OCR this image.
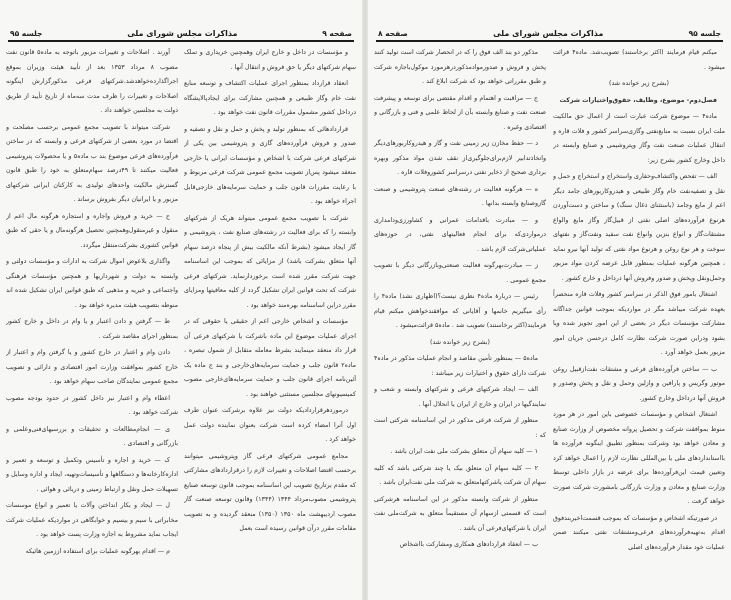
صفحه ۹
مذاکرات مجلس شورای ملی
جلسه ۹۵

و مؤسسات در داخل و خارج ایران وهمچنین خریداری و تملک سهام شرکتهای دیگر یا حق فروش و انتقال آنها .

انعقاد قرارداد بمنظور اجرای عملیات اکتشاف و توسعه منابع نفت خام وگاز طبیعی و همچنین مشارکت برای ایجادپالایشگاه درداخل کشور مشمول مقررات قانون نفت خواهد بود .

قراردادهائی که بمنظور تولید و پخش و حمل و نقل و تصفیه و صدور و فروش فرآورده‌های گازی و پتروشیمی بین یکی از شرکتهای فرعی شرکت با اشخاص و مؤسسات ایرانی یا خارجی منعقد میشود پس‌از تصویب مجمع عمومی شرکت فرعی مربوط و با رعایت مقررات قانون جلب و حمایت سرمایه‌های خارجی‌قابل اجراء خواهد بود .

شرکت با تصویب مجمع عمومی میتواند هریک از شرکتهای وابسته را که برای فعالیت در رشته‌های صنایع نفت ، پتروشیمی و گاز ایجاد میشود (بشرط آنکه مالکیت بیش از پنجاه درصد سهام آنها متعلق بشرکت باشد) از مزایائی که بموجب این اساسنامه جهت شرکت مقرر شده است برخوردارنماید. شرکتهای فرعی شرکت که تحت قوانین ایران تشکیل گردد از کلیه معافیتها ومزایای مقرر دراین اساسنامه بهره‌مند خواهد بود .

مؤسسات و اشخاص خارجی اعم از حقیقی یا حقوقی که در اجرای عملیات موضوع این ماده باشرکت یا شرکتهای فرعی آن قرار داد منعقد مینمایند بشرط معامله متقابل از شمول تبصره ، ماده۲ قانون جلب و حمایت سرمایه‌های‌خارجی و بند ج ماده یک آئین‌نامه اجرای قانون جلب و حمایت سرمایه‌های‌خارجی مصوب کمیسیونهای مجلسین مستثنی خواهند بود .

درموردهرقراردادیکه دولت نیز علاوه برشرکت عنوان طرف اول آنرا امضاء کرده است شرکت بعنوان نماینده دولت عمل خواهد کرد .

مجامع عمومی شرکتهای فرعی گاز وپتروشیمی میتوانند برحسب اقتضا اصلاحات و تغییرات لازم را درقراردادهای مشارکتی که مقدم برتاریخ تصویب این اساسنامه بموجب قانون توسعه صنایع پتروشیمی مصوب‌مرداد ۱۳۴۴ (۱۳۴۴) وقانون توسعه صنعت گاز مصوب اردیبهشت ماه ۱۳۵۰ (۱۳۵۰) منعقد گردیده و به تصویب مقامات مقرر درآن قوانین رسیده است بعمل

آورند . اصلاحات و تغییرات مزبور باتوجه به ماده۵ قانون نفت مصوب ۸ مرداد ۱۳۵۳ بعد از تأیید هیئت وزیران بموقع اجراگذارده‌خواهدشد.شرکتهای فرعی مذکورگزارش اینگونه اصلاحات و تغییرات را ظرف مدت سه‌ماه از تاریخ تأیید از طریق دولت به مجلسین خواهند داد .

شرکت میتواند با تصویب مجمع عمومی برحسب مصلحت و اقتضا در مورد بعضی از شرکتهای فرعی و وابسته که در ساختن فرآورده‌های فرعی موضوع بند ب ماده۵ و یا محصولات پتروشیمی فعالیت میکنند تا ۴۹درصد سهام‌متعلق به خود را طبق قانون گسترش مالکیت واحدهای تولیدی به کارکنان ایرانی شرکتهای مزبور و یا ایرانیان دیگر بفروش برساند .

ح — خرید و فروش واجاره و استجاره هرگونه مال اعم از منقول و غیرمنقول‌وهمچنین تحصیل هرگونه‌مال و یا حقی که طبق قوانین کشوری بشرکت‌منتقل میگردد.

واگذاری بلاعوض اموال شرکت به ادارات و مؤسسات دولتی و وابسته به دولت و شهرداریها و همچنین مؤسسات فرهنگی واجتماعی و خیریه و مذهبی که طبق قوانین ایران تشکیل شده اند منوطه بتصویب هیئت مدیره خواهد بود .

ط — گرفتن و دادن اعتبار و یا وام در داخل و خارج کشور بمنظور اجرای مقاصد شرکت .

دادن وام و اعتبار در خارج کشور و یا گرفتن وام و اعتبار از خارج کشور بموافقت وزارت امور اقتصادی و دارائی و تصویب مجمع عمومی نمایندگان صاحب سهام خواهد بود .

اعطاء وام و اعتبار نیز داخل کشور در حدود بودجه مصوب شرکت خواهد بود .

ی — انجام‌مطالعات و تحقیقات و بررسیهای‌فنی‌وعلمی و بازرگانی و اقتصادی .

ک — خرید و اجاره و تأسیس وتکمیل و توسعه و تعمیر و اداره‌کارخانه‌ها و دستگاهها و تأسیسات‌وتهیه، ایجاد و اداره وسایل و تسهیلات حمل ونقل و ارتباط زمینی و دریائی و هوائی .

ل — ایجاد و بکار انداختن وآلات یا تعمیر و انواع موسسات مخابراتی با سیم و بیسیم و خوابگاهی در مواردیکه عملیات شرکت ایجاب نماید مشروط به اجازه وزارت پست خواهد بود .

م — اقدام بهرگونه عملیات برای استفاده اززمین هائیکه

جلسه ۹۵
مذاکرات مجلس شورای ملی
صفحه ۸

میکنم قیام فرمایند (اکثر برخاستند) تصویب‌شد. ماده۴ قرائت میشود .

(بشرح زیر خوانده شد)

فصل‌دوم- موضوع، وظایف، حقوق‌واختیارات شرکت

ماده۴ — موضوع شرکت عبارت است از اعمال حق مالکیت ملت ایران نسبت به منابع‌نفتی وگازی‌سراسر کشور و فلات قاره و انتقال عملیات صنعت نفت وگاز وپتروشیمی و صنایع وابسته در داخل وخارج کشور بشرح زیر:

الف — تفحص واکتشاف‌وحفاری واستخراج و استخراج و حمل و نقل و تصفیه‌نفت خام وگاز طبیعی و هیدروکاربورهای جامد دیگر اعم از مایع وجامد (باستثنای ذغال سنگ) و ساختن و دست‌آوردن هرنوع فرآورده‌های اصلی نفتی از قبیل‌گاز وگاز مایع والواع مشتقات‌گاز و انواع بنزین وانواع نفت سفید ونفت‌گاز و نفتهای سوخت و هر نوع روغن و هرنوع مواد نفتی که تولید آنها نیرو نماید ، همچنین هرگونه عملیات بمنظور قابل عرضه کردن مواد مزبور وحمل‌ونقل وپخش و صدور وفروش آنها درداخل و خارج کشور .

اشتغال بامور فوق الذکر در سراسر کشور وفلات قاره منحصراً بعهده شرکت میباشد مگر در مواردیکه بموجب قوانین جداگانه مشارکت مؤسسات دیگر در بعضی از این امور تجویز شده ویا بشود ودراین صورت شرکت نظارت کامل درحسن جریان امور مزبور بعمل خواهد آورد .

ب — ساختن فرآورده‌های فرعی و مشتقات نفت‌ازقبیل روغن موتور وگریس و پارافین و وازلین وحمل و نقل و پخش وصدور و فروش آنها درداخل وخارج کشور.

اشتغال اشخاص و مؤسسات خصوصی باین امور در هر مورد منوط بموافقت شرکت و تحصیل پروانه مخصوص از وزارت صنایع و معادن خواهد بود وشرکت بمنظور تطبیق اینگونه فرآورده ها بااستانداردهای ملی یا بین‌المللی نظارت لازم را اعمال خواهد کرد وتعیین قیمت این‌فرآورده‌ها برای عرضه در بازار داخلی توسط وزارت صنایع و معادن و وزارت بازرگانی بامشورت شرکت صورت خواهد گرفت .

در صورتیکه اشخاص و مؤسسات که بموجب قسمت‌اخیربندفوق اقدام به‌تهیه‌فرآورده‌های فرعی‌ومشتقات نفتی میکنند ضمن عملیات خود مقدار فرآورده‌های اصلی

مذکور دو بند الف فوق را که در انحصار شرکت است تولید کنند پخش و فروش و صدورموادمذکوردرهرمورد موکول‌باجازه شرکت و طبق مقرراتی خواهد بود که شرکت ابلاغ کند .

ج — مراقبت و اهتمام و اقدام مقتضی برای توسعه و پیشرفت صنعت نفت و صنایع وابسته بآن از لحاظ علمی و فنی و بازرگانی و اقتصادی وغیره .

د — حفظ مخازن زیر زمینی نفت و گاز و هیدروکاربورهای‌دیگر واتخاذتدابیر لازم‌برای‌جلوگیری‌از نقف شدن مواد مذکور وبهره برداری صحیح از ذخایر نفتی درسراسر کشوروفلات قاره .

ه — هرگونه فعالیت در رشته‌های صنعت پتروشیمی و صنعت گازوصنایع وابسته بدانها .

و — مبادرت باقدامات عمرانی و کشاورزی‌ودامداری درمواردی‌که برای انجام فعالیتهای نفتی، در حوزه‌های عملیاتی‌شرکت لازم باشد .

ز — مبادرت‌بهرگونه فعالیت صنعتی‌وبازرگانی دیگر با تصویب مجمع عمومی .

رئیس — دربارهٔ ماده۴ نظری نیست؟(اظهاری نشد) ماده۴ را رأی میگیریم خانمها و آقایانی که موافقند‌خواهش میکنم قیام فرمایند(اکثر برخاستند) تصویب شد . ماده۵ قرائت‌میشود .

(بشرح زیر خوانده شد)

ماده۵ — بمنظور تأمین مقاصد و انجام عملیات مذکور در ماده۴ شرکت دارای حقوق و اختیارات زیر میباشد :

الف — ایجاد شرکتهای فرعی و شرکتهای وابسته و شعب و نمایندگیها در ایران و خارج از ایران یا انحلال آنها .

منظور از شرکت فرعی مذکور در این اساسنامه شرکتی است که :

۱ — کلیه سهام آن متعلق بشرکت ملی نفت ایران باشد .

۲ — کلیه سهام آن متعلق بیک یا چند شرکتی باشد که کلیه سهام آن شرکت یاشرکتهامتعلق به شرکت ملی نفت‌ایران باشد .

منظور از شرکت وابسته مذکور در این اساسنامه هرشرکتی است که قسمتی ازسهام آن مستقیماً متعلق به شرکت‌ملی نفت ایران یا شرکتهای‌فرعی آن باشد .

ب — انعقاد قراردادهای همکاری ومشارکت بااشخاص
